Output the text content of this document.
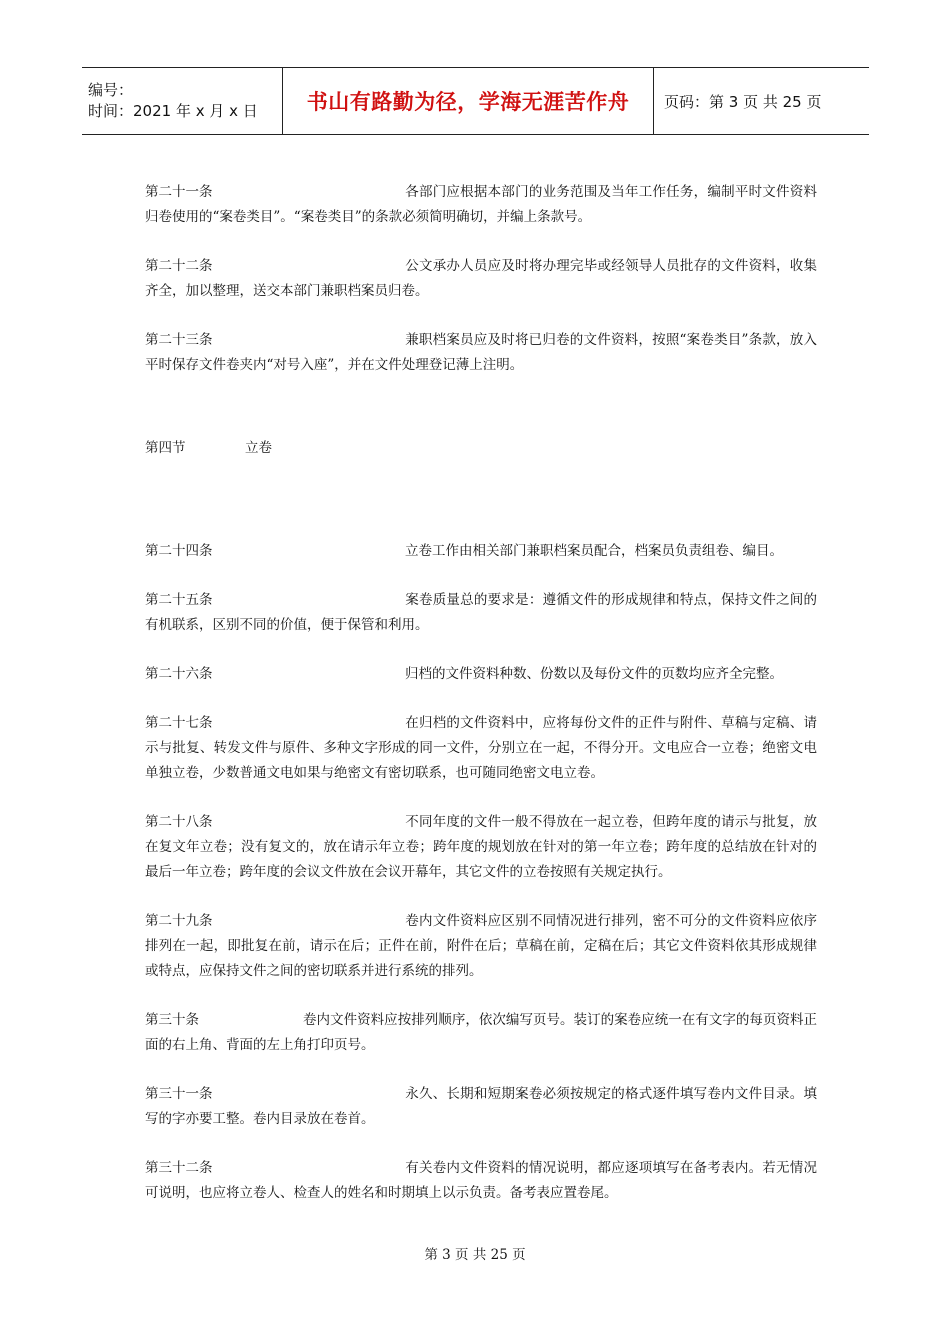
编号：
时间：2021 年 x 月 x 日	书山有路勤为径，学海无涯苦作舟 页码：第 3 页 共 25 页

第二十一条	各部门应根据本部门的业务范围及当年工作任务，编制平时文件资料归卷使用的“案卷类目”。“案卷类目”的条款必须简明确切，并编上条款号。

第二十二条	公文承办人员应及时将办理完毕或经领导人员批存的文件资料，收集齐全，加以整理，送交本部门兼职档案员归卷。

第二十三条	兼职档案员应及时将已归卷的文件资料，按照“案卷类目”条款，放入平时保存文件卷夹内“对号入座”，并在文件处理登记薄上注明。

第四节	立卷

第二十四条	立卷工作由相关部门兼职档案员配合，档案员负责组卷、编目。

第二十五条	案卷质量总的要求是：遵循文件的形成规律和特点，保持文件之间的有机联系，区别不同的价值，便于保管和利用。

第二十六条	归档的文件资料种数、份数以及每份文件的页数均应齐全完整。

第二十七条	在归档的文件资料中，应将每份文件的正件与附件、草稿与定稿、请示与批复、转发文件与原件、多种文字形成的同一文件，分别立在一起，不得分开。文电应合一立卷；绝密文电单独立卷，少数普通文电如果与绝密文有密切联系，也可随同绝密文电立卷。

第二十八条	不同年度的文件一般不得放在一起立卷，但跨年度的请示与批复，放在复文年立卷；没有复文的，放在请示年立卷；跨年度的规划放在针对的第一年立卷；跨年度的总结放在针对的最后一年立卷；跨年度的会议文件放在会议开幕年，其它文件的立卷按照有关规定执行。

第二十九条	卷内文件资料应区别不同情况进行排列，密不可分的文件资料应依序排列在一起，即批复在前，请示在后；正件在前，附件在后；草稿在前，定稿在后；其它文件资料依其形成规律或特点，应保持文件之间的密切联系并进行系统的排列。

第三十条	卷内文件资料应按排列顺序，依次编写页号。装订的案卷应统一在有文字的每页资料正面的右上角、背面的左上角打印页号。

第三十一条	永久、长期和短期案卷必须按规定的格式逐件填写卷内文件目录。填写的字亦要工整。卷内目录放在卷首。

第三十二条	有关卷内文件资料的情况说明，都应逐项填写在备考表内。若无情况可说明，也应将立卷人、检查人的姓名和时期填上以示负责。备考表应置卷尾。

第 3 页 共 25 页
